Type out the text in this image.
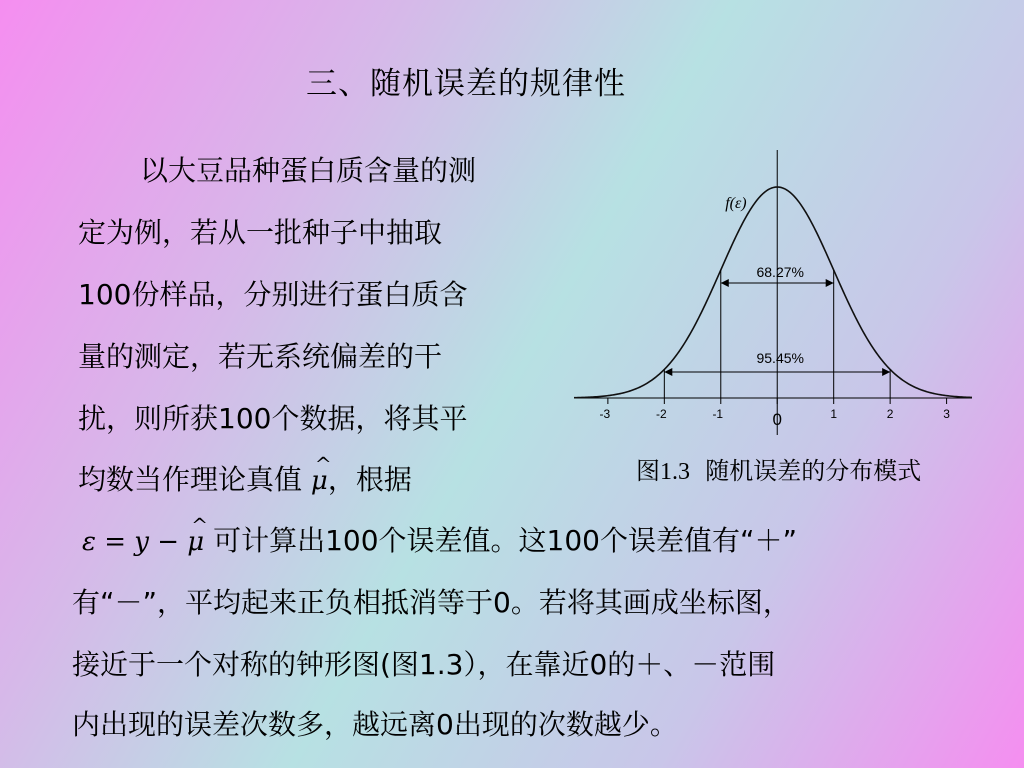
三、随机误差的规律性
以大豆品种蛋白质含量的测
定为例，若从一批种子中抽取
100份样品，分别进行蛋白质含
量的测定，若无系统偏差的干
扰，则所获100个数据，将其平
均数当作理论真值 ^ μ，根据
ε = y − ^ μ 可计算出100个误差值。这100个误差值有“＋”
有“－”，平均起来正负相抵消等于0。若将其画成坐标图，
接近于一个对称的钟形图(图1.3），在靠近0的＋、－范围
内出现的误差次数多，越远离0出现的次数越少。
-3	-2	-1	0	1	2	3
68.27%
95.45%
f(ε)
图1.3 随机误差的分布模式
